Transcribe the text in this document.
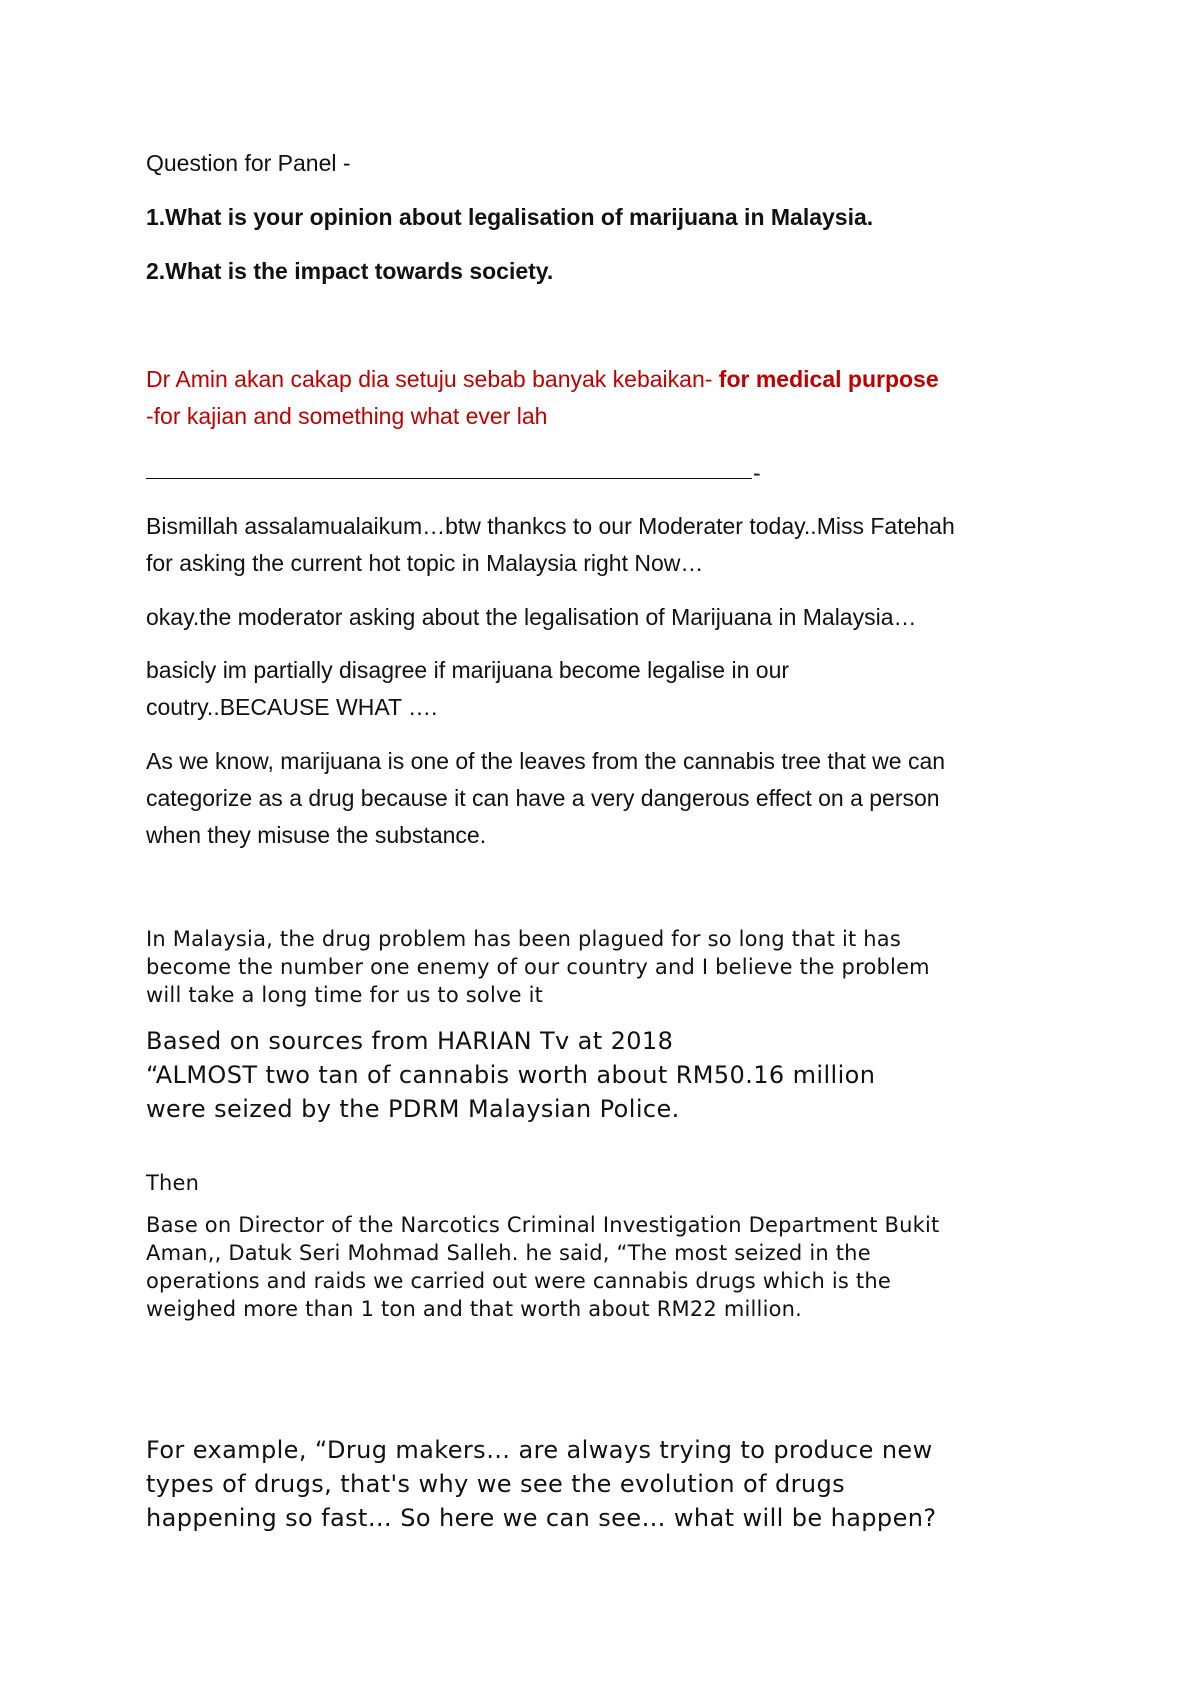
Question for Panel -

1.What is your opinion about legalisation of marijuana in Malaysia.

2.What is the impact towards society.

Dr Amin akan cakap dia setuju sebab banyak kebaikan- for medical purpose
-for kajian and something what ever lah
-
Bismillah assalamualaikum…btw thankcs to our Moderater today..Miss Fatehah
for asking the current hot topic in Malaysia right Now…

okay.the moderator asking about the legalisation of Marijuana in Malaysia…

basicly im partially disagree if marijuana become legalise in our
coutry..BECAUSE WHAT ….
As we know, marijuana is one of the leaves from the cannabis tree that we can
categorize as a drug because it can have a very dangerous effect on a person
when they misuse the substance.
In Malaysia, the drug problem has been plagued for so long that it has
become the number one enemy of our country and I believe the problem
will take a long time for us to solve it
Based on sources from HARIAN Tv at 2018
“ALMOST two tan of cannabis worth about RM50.16 million
were seized by the PDRM Malaysian Police.

Then

Base on Director of the Narcotics Criminal Investigation Department Bukit
Aman,, Datuk Seri Mohmad Salleh. he said, “The most seized in the
operations and raids we carried out were cannabis drugs which is the
weighed more than 1 ton and that worth about RM22 million.
For example, “Drug makers… are always trying to produce new
types of drugs, that's why we see the evolution of drugs
happening so fast… So here we can see… what will be happen?
